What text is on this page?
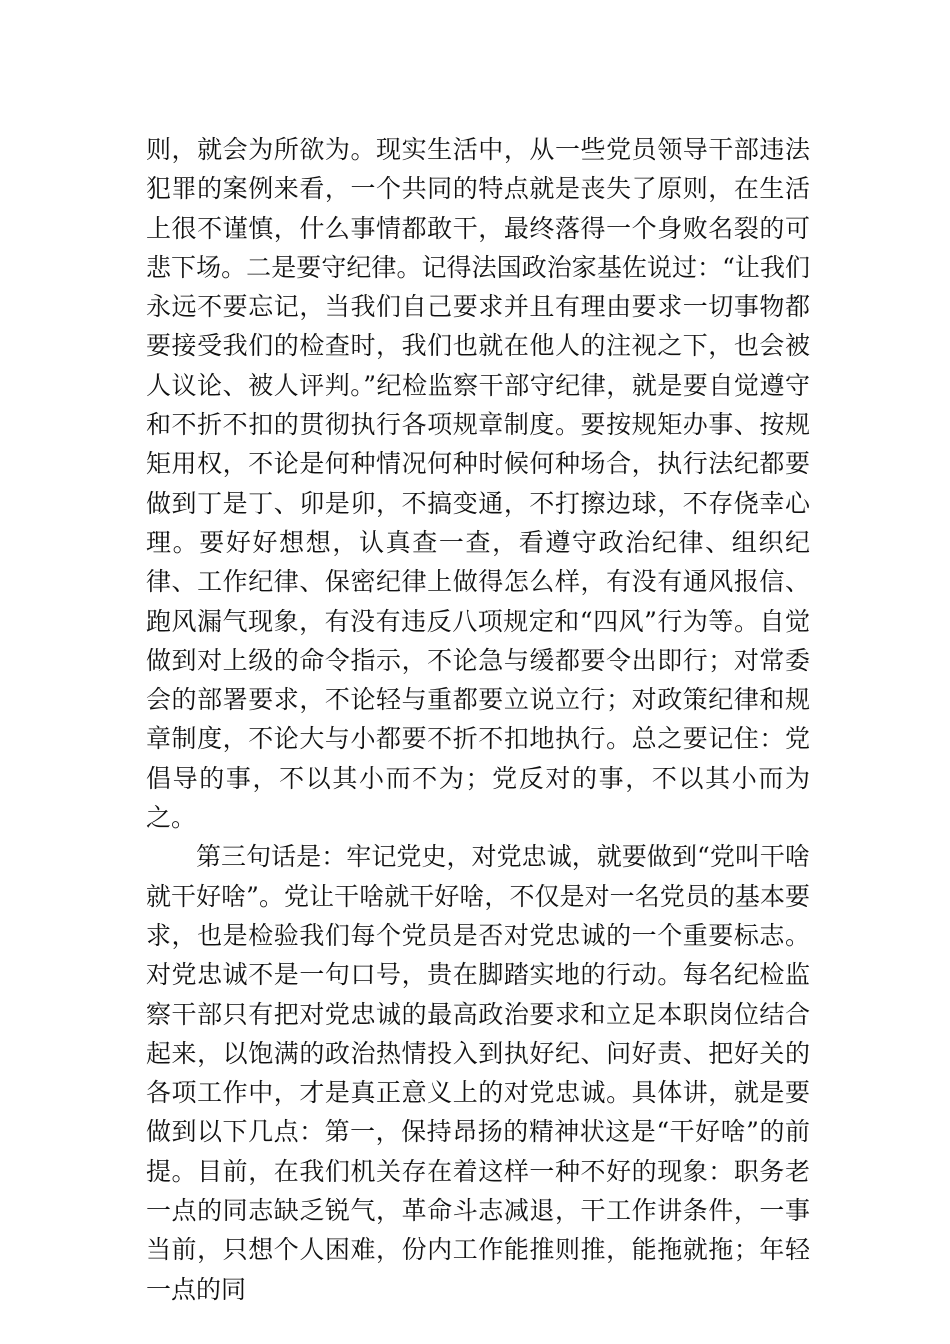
则，就会为所欲为。现实生活中，从一些党员领导干部违法犯罪的案例来看，一个共同的特点就是丧失了原则，在生活上很不谨慎，什么事情都敢干，最终落得一个身败名裂的可悲下场。二是要守纪律。记得法国政治家基佐说过：“让我们永远不要忘记，当我们自己要求并且有理由要求一切事物都要接受我们的检查时，我们也就在他人的注视之下，也会被人议论、被人评判。”纪检监察干部守纪律，就是要自觉遵守和不折不扣的贯彻执行各项规章制度。要按规矩办事、按规矩用权，不论是何种情况何种时候何种场合，执行法纪都要做到丁是丁、卯是卯，不搞变通，不打擦边球，不存侥幸心理。要好好想想，认真查一查，看遵守政治纪律、组织纪律、工作纪律、保密纪律上做得怎么样，有没有通风报信、跑风漏气现象，有没有违反八项规定和“四风”行为等。自觉做到对上级的命令指示，不论急与缓都要令出即行；对常委会的部署要求，不论轻与重都要立说立行；对政策纪律和规章制度，不论大与小都要不折不扣地执行。总之要记住：党倡导的事，不以其小而不为；党反对的事，不以其小而为之。

第三句话是：牢记党史，对党忠诚，就要做到“党叫干啥就干好啥”。党让干啥就干好啥，不仅是对一名党员的基本要求，也是检验我们每个党员是否对党忠诚的一个重要标志。对党忠诚不是一句口号，贵在脚踏实地的行动。每名纪检监察干部只有把对党忠诚的最高政治要求和立足本职岗位结合起来，以饱满的政治热情投入到执好纪、问好责、把好关的各项工作中，才是真正意义上的对党忠诚。具体讲，就是要做到以下几点：第一，保持昂扬的精神状这是“干好啥”的前提。目前，在我们机关存在着这样一种不好的现象：职务老一点的同志缺乏锐气，革命斗志减退，干工作讲条件，一事当前，只想个人困难，份内工作能推则推，能拖就拖；年轻一点的同
